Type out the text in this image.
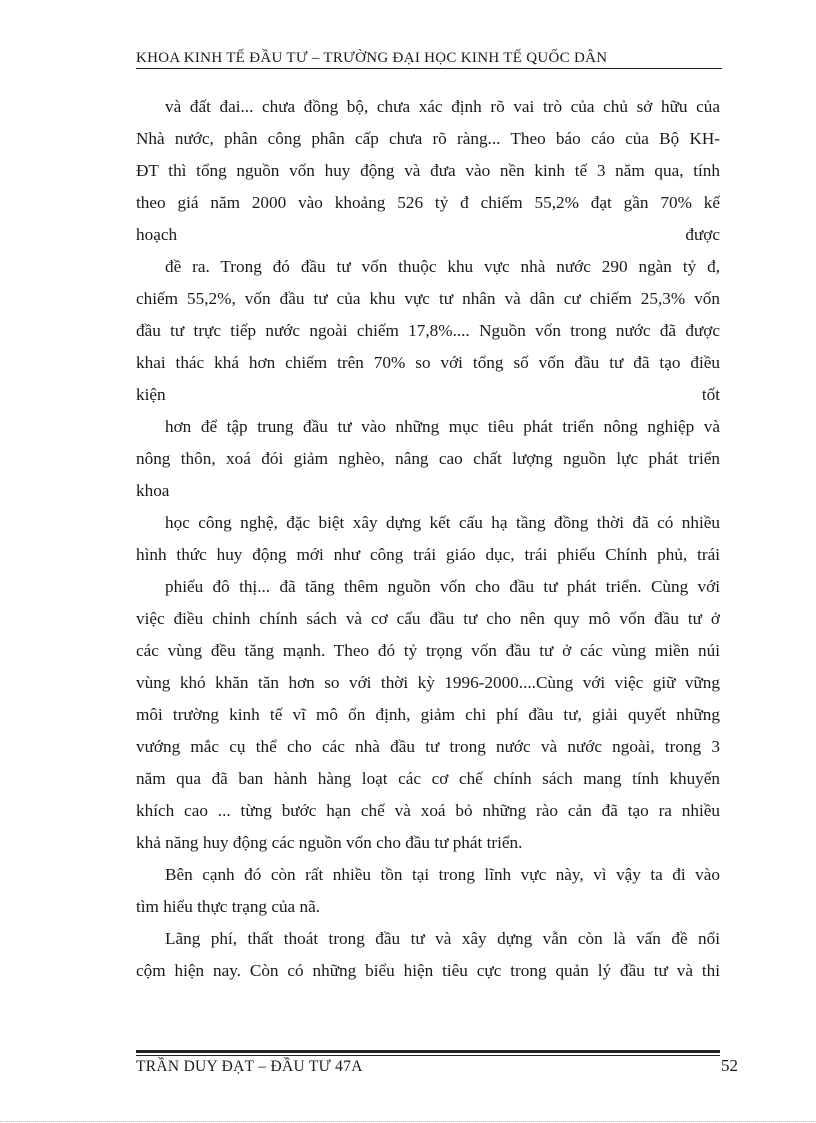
KHOA KINH TẾ ĐẦU TƯ – TRƯỜNG ĐẠI HỌC KINH TẾ QUỐC DÂN
và đất đai... chưa đồng bộ, chưa xác định rõ vai trò của chủ sở hữu của
Nhà nước, phân công phân cấp chưa rõ ràng... Theo báo cáo của Bộ KH-
ĐT thì tổng nguồn vốn huy động và đưa vào nền kinh tế 3 năm qua, tính
theo giá năm 2000 vào khoảng 526 tỷ đ chiếm 55,2% đạt gần 70% kế
hoạch được
đề ra. Trong đó đầu tư vốn thuộc khu vực nhà nước 290 ngàn tỷ đ,
chiếm 55,2%, vốn đầu tư của khu vực tư nhân và dân cư chiếm 25,3% vốn
đầu tư trực tiếp nước ngoài chiếm 17,8%.... Nguồn vốn trong nước đã được
khai thác khá hơn chiếm trên 70% so với tổng số vốn đầu tư đã tạo điều
kiện tốt
hơn để tập trung đầu tư vào những mục tiêu phát triển nông nghiệp và
nông thôn, xoá đói giảm nghèo, nâng cao chất lượng nguồn lực phát triển
khoa
học công nghệ, đặc biệt xây dựng kết cấu hạ tầng đồng thời đã có nhiều
hình thức huy động mới như công trái giáo dục, trái phiếu Chính phủ, trái
phiếu đô thị... đã tăng thêm nguồn vốn cho đầu tư phát triển. Cùng với
việc điều chỉnh chính sách và cơ cấu đầu tư cho nên quy mô vốn đầu tư ở
các vùng đều tăng mạnh. Theo đó tỷ trọng vốn đầu tư ở các vùng miền núi
vùng khó khăn tăn hơn so với thời kỳ 1996-2000....Cùng với việc giữ vững
môi trường kinh tế vĩ mô ổn định, giảm chi phí đầu tư, giải quyết những
vướng mắc cụ thể cho các nhà đầu tư trong nước và nước ngoài, trong 3
năm qua đã ban hành hàng loạt các cơ chế chính sách mang tính khuyến
khích cao ... từng bước hạn chế và xoá bỏ những rào cản đã tạo ra nhiều
khả năng huy động các nguồn vốn cho đầu tư phát triển.
Bên cạnh đó còn rất nhiều tồn tại trong lĩnh vực này, vì vậy ta đi vào
tìm hiểu thực trạng của nã.
Lãng phí, thất thoát trong đầu tư và xây dựng vẫn còn là vấn đề nổi
cộm hiện nay. Còn có những biểu hiện tiêu cực trong quản lý đầu tư và thi
TRẦN DUY ĐẠT – ĐẦU TƯ 47A	52
